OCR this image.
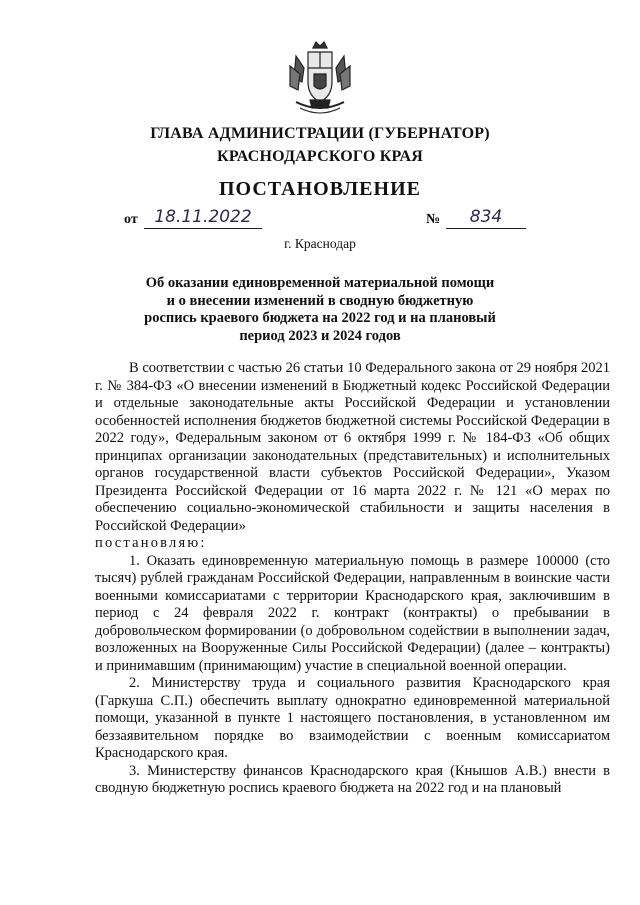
ГЛАВА АДМИНИСТРАЦИИ (ГУБЕРНАТОР)
КРАСНОДАРСКОГО КРАЯ
ПОСТАНОВЛЕНИЕ
от 18.11.2022	№	834
г. Краснодар
Об оказании единовременной материальной помощи
и о внесении изменений в сводную бюджетную
роспись краевого бюджета на 2022 год и на плановый
период 2023 и 2024 годов

В соответствии с частью 26 статьи 10 Федерального закона от 29 ноября 2021 г. № 384-ФЗ «О внесении изменений в Бюджетный кодекс Российской Федерации и отдельные законодательные акты Российской Федерации и установлении особенностей исполнения бюджетов бюджетной системы Российской Федерации в 2022 году», Федеральным законом от 6 октября 1999 г. № 184-ФЗ «Об общих принципах организации законодательных (представительных) и исполнительных органов государственной власти субъектов Российской Федерации», Указом Президента Российской Федерации от 16 марта 2022 г. № 121 «О мерах по обеспечению социально-экономической стабильности и защиты населения в Российской Федерации»

постановляю:

1. Оказать единовременную материальную помощь в размере 100000 (сто тысяч) рублей гражданам Российской Федерации, направленным в воинские части военными комиссариатами с территории Краснодарского края, заключившим в период с 24 февраля 2022 г. контракт (контракты) о пребывании в добровольческом формировании (о добровольном содействии в выполнении задач, возложенных на Вооруженные Силы Российской Федерации) (далее – контракты) и принимавшим (принимающим) участие в специальной военной операции.

2. Министерству труда и социального развития Краснодарского края (Гаркуша С.П.) обеспечить выплату однократно единовременной материальной помощи, указанной в пункте 1 настоящего постановления, в установленном им беззаявительном порядке во взаимодействии с военным комиссариатом Краснодарского края.

3. Министерству финансов Краснодарского края (Кнышов А.В.) внести в сводную бюджетную роспись краевого бюджета на 2022 год и на плановый
